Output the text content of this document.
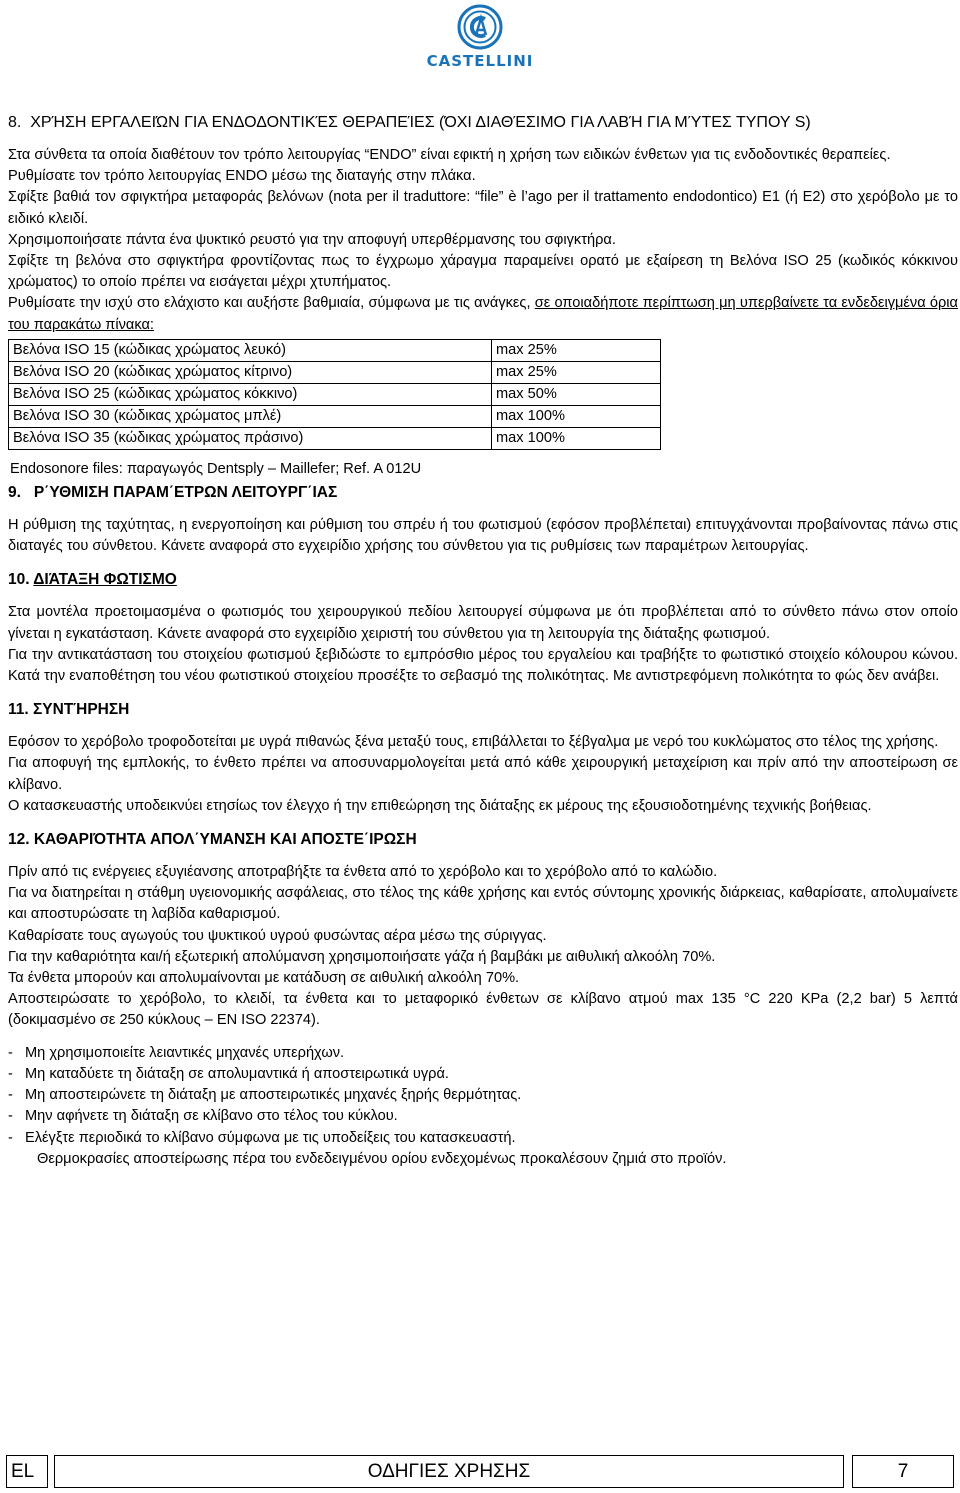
CASTELLINI
8.  XΡΉΣΗ ΕΡΓΑΛΕΙΏΝ ΓΙΑ ΕΝΔΟΔΟΝΤΙΚΈΣ ΘΕΡΑΠΕΊΕΣ (ΌΧΙ ΔΙΑΘΈΣΙΜΟ ΓΙΑ ΛΑΒΉ ΓΙΑ ΜΎΤΕΣ ΤΥΠΟΥ S)

Στα σύνθετα τα οποία διαθέτουν τον τρόπο λειτουργίας “ENDO” είναι εφικτή η χρήση των ειδικών ένθετων για τις ενδοδοντικές θεραπείες.

Ρυθμίσατε τον τρόπο λειτουργίας ENDO μέσω της διαταγής στην πλάκα.

Σφίξτε βαθιά τον σφιγκτήρα μεταφοράς βελόνων (nota per il traduttore: “file” è l’ago per il trattamento endodontico) E1 (ή E2) στο χερόβολο με το ειδικό κλειδί.

Χρησιμοποιήσατε πάντα ένα ψυκτικό ρευστό για την αποφυγή υπερθέρμανσης του σφιγκτήρα.

Σφίξτε τη βελόνα στο σφιγκτήρα φροντίζοντας πως το έγχρωμο χάραγμα παραμείνει ορατό με εξαίρεση τη Βελόνα ISO 25 (κωδικός κόκκινου χρώματος) το οποίο πρέπει να εισάγεται μέχρι χτυπήματος.

Ρυθμίσατε την ισχύ στο ελάχιστο και αυξήστε βαθμιαία, σύμφωνα με τις ανάγκες, σε οποιαδήποτε περίπτωση μη υπερβαίνετε τα ενδεδειγμένα όρια του παρακάτω πίνακα:

Βελόνα ISO 15 (κώδικας χρώματος λευκό)	max 25%
Βελόνα ISO 20 (κώδικας χρώματος κίτρινο)	max 25%
Βελόνα ISO 25 (κώδικας χρώματος κόκκινο)	max 50%
Βελόνα ISO 30 (κώδικας χρώματος μπλέ)	max 100%
Βελόνα ISO 35 (κώδικας χρώματος πράσινο)	max 100%

Endosonore files: παραγωγός Dentsply – Maillefer; Ref. A 012U

9.   Ρ΄ΥΘΜΙΣΗ ΠΑΡΑΜ΄ΕΤΡΩΝ ΛΕΙΤΟΥΡΓ΄ΙΑΣ

Η ρύθμιση της ταχύτητας, η ενεργοποίηση και ρύθμιση του σπρέυ ή του φωτισμού (εφόσον προβλέπεται) επιτυγχάνονται προβαίνοντας πάνω στις διαταγές του σύνθετου. Κάνετε αναφορά στο εγχειρίδιο χρήσης του σύνθετου για τις ρυθμίσεις των παραμέτρων λειτουργίας.

10. ΔΙΆΤΑΞΗ ΦΩΤΙΣΜΟ

Στα μοντέλα προετοιμασμένα ο φωτισμός του χειρουργικού πεδίου λειτουργεί σύμφωνα με ότι προβλέπεται από το σύνθετο πάνω στον οποίο γίνεται η εγκατάσταση. Κάνετε αναφορά στο εγχειρίδιο χειριστή του σύνθετου για τη λειτουργία της διάταξης φωτισμού.

Για την αντικατάσταση του στοιχείου φωτισμού ξεβιδώστε το εμπρόσθιο μέρος του εργαλείου και τραβήξτε το φωτιστικό στοιχείο κόλουρου κώνου. Κατά την εναποθέτηση του νέου φωτιστικού στοιχείου προσέξτε το σεβασμό της πολικότητας. Με αντιστρεφόμενη πολικότητα το φώς δεν ανάβει.

11. ΣΥΝΤΉΡΗΣΗ

Εφόσον το χερόβολο τροφοδοτείται με υγρά πιθανώς ξένα μεταξύ τους, επιβάλλεται το ξέβγαλμα με νερό του κυκλώματος στο τέλος της χρήσης.

Για αποφυγή της εμπλοκής, το ένθετο πρέπει να αποσυναρμολογείται μετά από κάθε χειρουργική μεταχείριση και πρίν από την αποστείρωση σε κλίβανο.

Ο κατασκευαστής υποδεικνύει ετησίως τον έλεγχο ή την επιθεώρηση της διάταξης εκ μέρους της εξουσιοδοτημένης τεχνικής βοήθειας.

12. ΚΑΘΑΡΙΌΤΗΤΑ ΑΠΟΛ΄ΥΜΑΝΣΗ ΚΑΙ ΑΠΟΣΤΕ΄ΙΡΩΣΗ

Πρίν από τις ενέργειες εξυγιέανσης αποτραβήξτε τα ένθετα από το χερόβολο και το χερόβολο από το καλώδιο.

Για να διατηρείται η στάθμη υγειονομικής ασφάλειας, στο τέλος της κάθε χρήσης και εντός σύντομης χρονικής διάρκειας, καθαρίσατε, απολυμαίνετε και αποστυρώσατε τη λαβίδα καθαρισμού.

Καθαρίσατε τους αγωγούς του ψυκτικού υγρού φυσώντας αέρα μέσω της σύριγγας.

Για την καθαριότητα και/ή εξωτερική απολύμανση χρησιμοποιήσατε γάζα ή βαμβάκι με αιθυλική αλκοόλη 70%.

Τα ένθετα μπορούν και απολυμαίνονται με κατάδυση σε αιθυλική αλκοόλη 70%.

Αποστειρώσατε το χερόβολο, το κλειδί, τα ένθετα και το μεταφορικό ένθετων σε κλίβανο ατμού max 135 °C 220 KPa (2,2 bar) 5 λεπτά (δοκιμασμένο σε 250 κύκλους – EN ISO 22374).

-   Μη χρησιμοποιείτε λειαντικές μηχανές υπερήχων.

-   Μη καταδύετε τη διάταξη σε απολυμαντικά ή αποστειρωτικά υγρά.

-   Μη αποστειρώνετε τη διάταξη με αποστειρωτικές μηχανές ξηρής θερμότητας.

-   Μην αφήνετε τη διάταξη σε κλίβανο στο τέλος του κύκλου.

-   Ελέγξτε περιοδικά το κλίβανο σύμφωνα με τις υποδείξεις του κατασκευαστή.

Θερμοκρασίες αποστείρωσης πέρα του ενδεδειγμένου ορίου ενδεχομένως προκαλέσουν ζημιά στο προϊόν.

EL	ΟΔΗΓΙΕΣ ΧΡΗΣΗΣ	7
